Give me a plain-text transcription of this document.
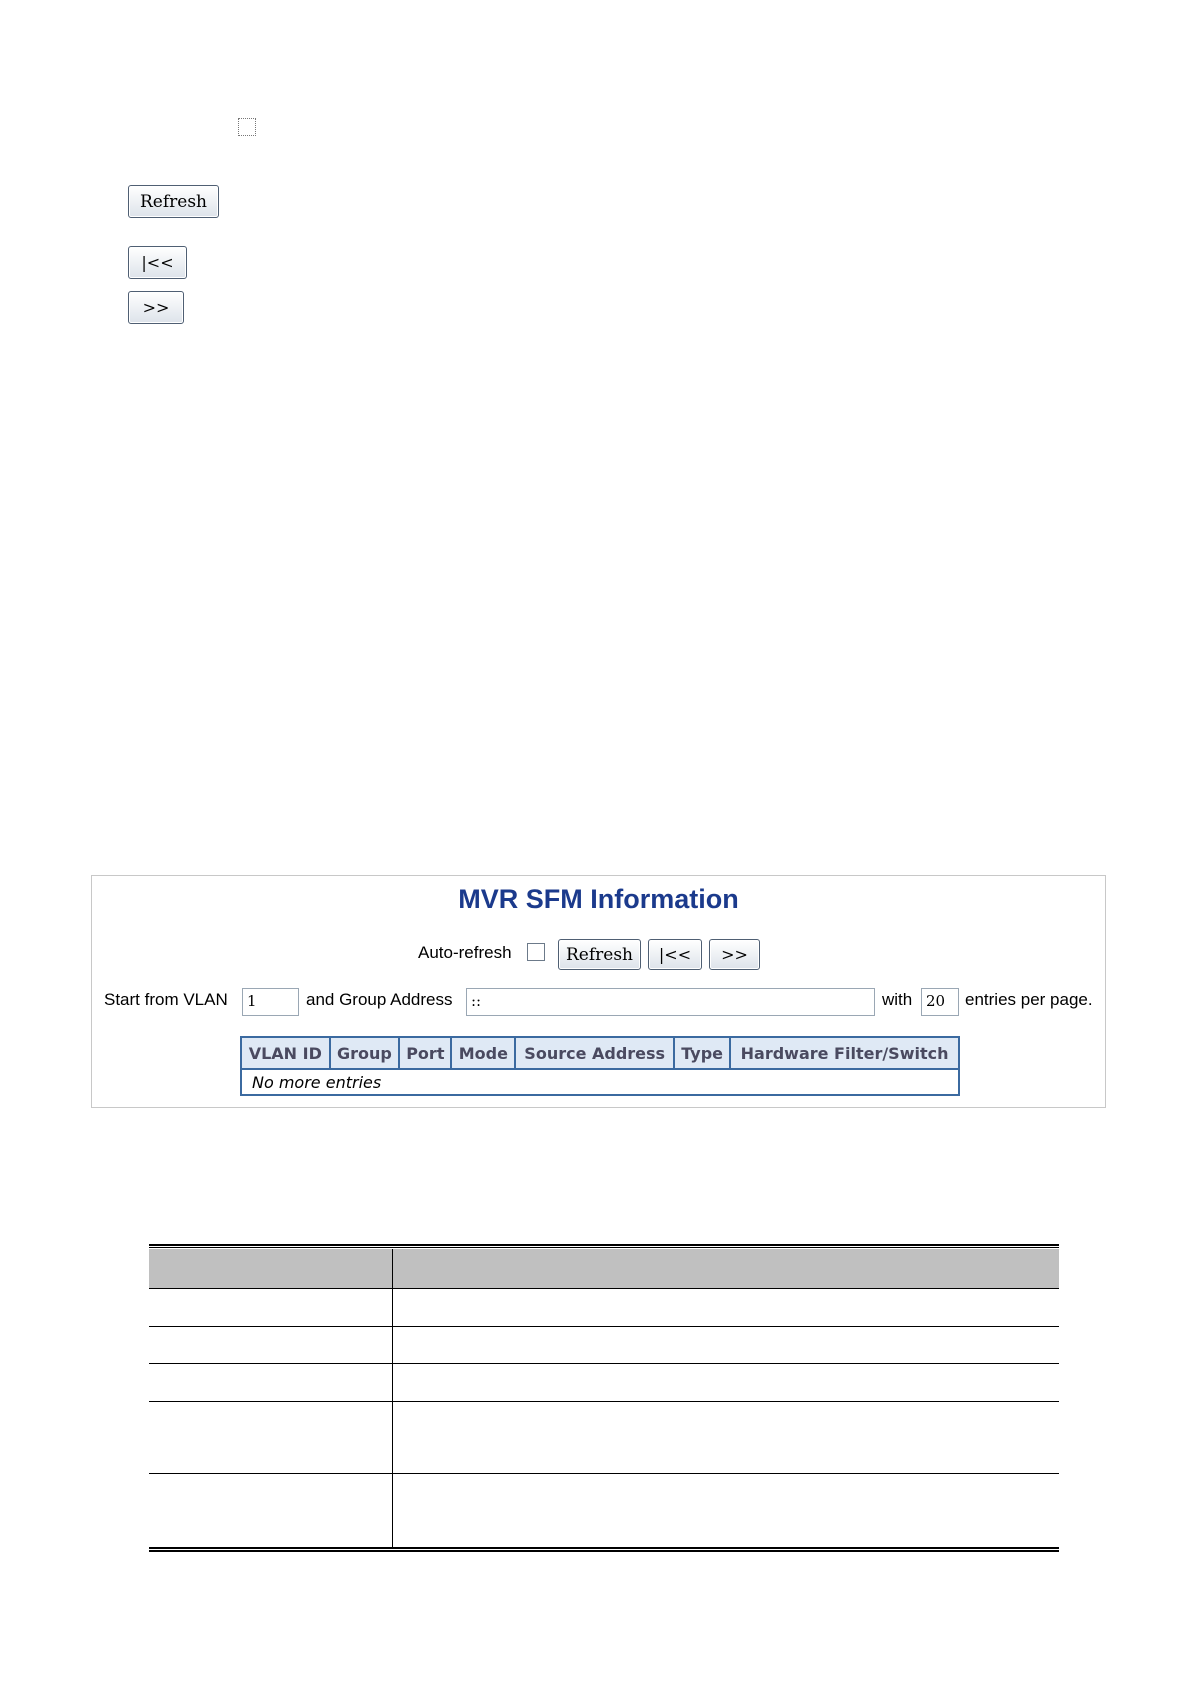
Refresh
|<<
>>
MVR SFM Information
Auto-refresh	Refresh	|<<	>>
Start from VLAN	1	and Group Address	::	with 20	entries per page.
VLAN ID	Group	Port	Mode	Source Address	Type	Hardware Filter/Switch
No more entries
